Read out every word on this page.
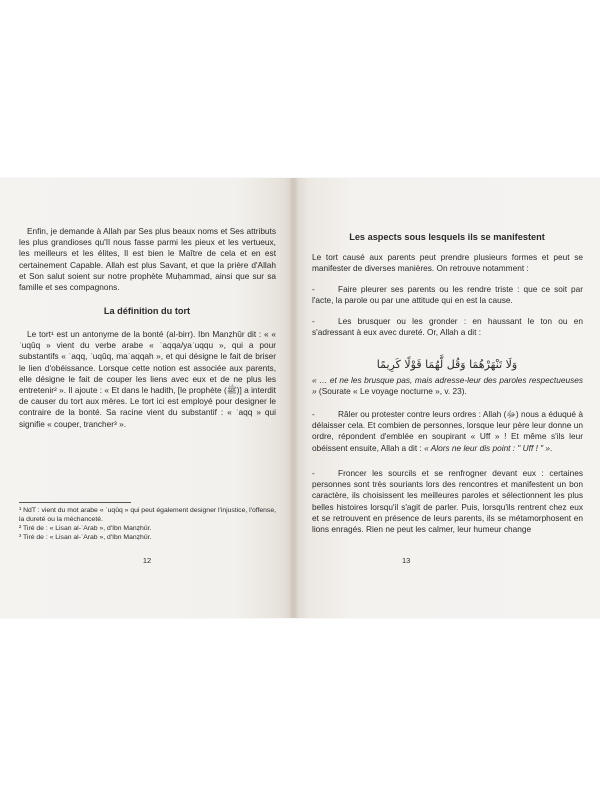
Enfin, je demande à Allah par Ses plus beaux noms et Ses attributs les plus grandioses qu'Il nous fasse parmi les pieux et les vertueux, les meilleurs et les élites, Il est bien le Maître de cela et en est certainement Capable. Allah est plus Savant, et que la prière d'Allah et Son salut soient sur notre prophète Muḥammad, ainsi que sur sa famille et ses compagnons.
La définition du tort
Le tort¹ est un antonyme de la bonté (al-birr). Ibn Manẓhûr dit : « « ʿuqûq » vient du verbe arabe « ʿaqqa/yaʿuqqu », qui a pour substantifs « ʿaqq, ʿuqûq, maʿaqqah », et qui désigne le fait de briser le lien d'obéissance. Lorsque cette notion est associée aux parents, elle désigne le fait de couper les liens avec eux et de ne plus les entretenir² ». Il ajoute : « Et dans le hadith, [le prophète (ﷺ)] a interdit de causer du tort aux mères. Le tort ici est employé pour designer le contraire de la bonté. Sa racine vient du substantif : « ʿaqq » qui signifie « couper, trancher³ ».
¹ NdT : vient du mot arabe « ʿuqûq » qui peut également designer l'injustice, l'offense, la dureté ou la méchanceté.
² Tiré de : « Lisan al-ʿArab », d'Ibn Manẓhûr.
³ Tiré de : « Lisan al-ʿArab », d'Ibn Manẓhûr.
12
Les aspects sous lesquels ils se manifestent
Le tort causé aux parents peut prendre plusieurs formes et peut se manifester de diverses manières. On retrouve notamment :
-	Faire pleurer ses parents ou les rendre triste : que ce soit par l'acte, la parole ou par une attitude qui en est la cause.
-	Les brusquer ou les gronder : en haussant le ton ou en s'adressant à eux avec dureté. Or, Allah a dit :
وَلَا تَنْهَرْهُمَا وَقُل لَّهُمَا قَوْلًا كَرِيمًا
« … et ne les brusque pas, mais adresse-leur des paroles respectueuses » (Sourate « Le voyage nocturne », v. 23).
-	Râler ou protester contre leurs ordres : Allah (ﷻ) nous a éduqué à délaisser cela. Et combien de personnes, lorsque leur père leur donne un ordre, répondent d'emblée en soupirant « Uff » ! Et même s'ils leur obéissent ensuite, Allah a dit : « Alors ne leur dis point : " Uff ! " ».
-	Froncer les sourcils et se renfrogner devant eux : certaines personnes sont très souriants lors des rencontres et manifestent un bon caractère, ils choisissent les meilleures paroles et sélectionnent les plus belles histoires lorsqu'il s'agit de parler. Puis, lorsqu'ils rentrent chez eux et se retrouvent en présence de leurs parents, ils se métamorphosent en lions enragés. Rien ne peut les calmer, leur humeur change
13
